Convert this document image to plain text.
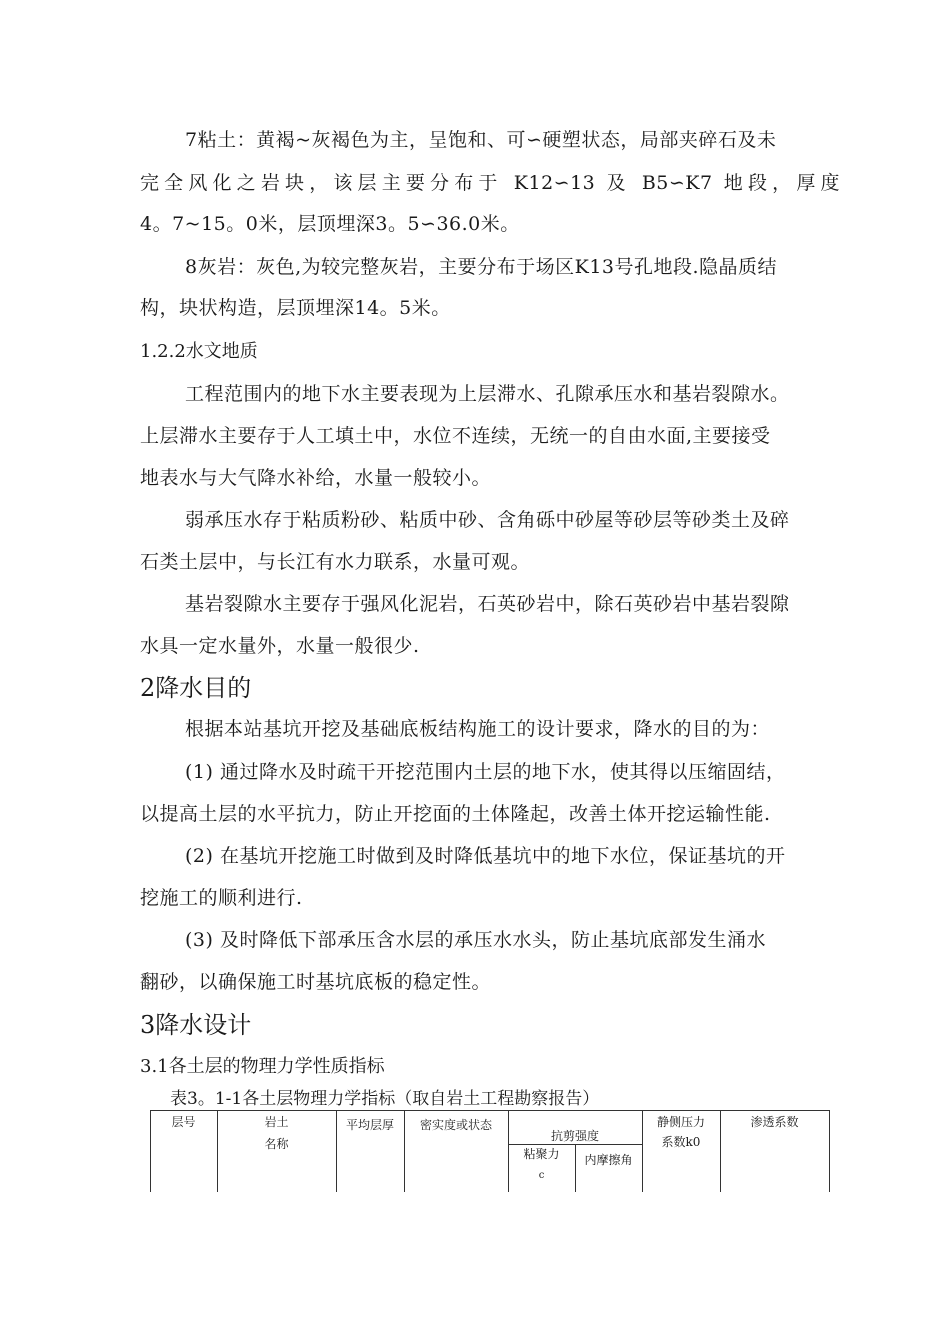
7粘土：黄褐~灰褐色为主，呈饱和、可∽硬塑状态，局部夹碎石及未
完全风化之岩块，该层主要分布于 K12∽13 及 B5∽K7 地段，厚度
4。7~15。0米，层顶埋深3。5∽36.0米。
8灰岩：灰色,为较完整灰岩，主要分布于场区K13号孔地段.隐晶质结
构，块状构造，层顶埋深14。5米。
1.2.2水文地质
工程范围内的地下水主要表现为上层滞水、孔隙承压水和基岩裂隙水。
上层滞水主要存于人工填土中，水位不连续，无统一的自由水面,主要接受
地表水与大气降水补给，水量一般较小。
弱承压水存于粘质粉砂、粘质中砂、含角砾中砂屋等砂层等砂类土及碎
石类土层中，与长江有水力联系，水量可观。
基岩裂隙水主要存于强风化泥岩，石英砂岩中，除石英砂岩中基岩裂隙
水具一定水量外，水量一般很少.
2降水目的
根据本站基坑开挖及基础底板结构施工的设计要求，降水的目的为：
(1) 通过降水及时疏干开挖范围内土层的地下水，使其得以压缩固结，
以提高土层的水平抗力，防止开挖面的土体隆起，改善土体开挖运输性能.
(2) 在基坑开挖施工时做到及时降低基坑中的地下水位，保证基坑的开
挖施工的顺利进行.
(3) 及时降低下部承压含水层的承压水水头，防止基坑底部发生涌水
翻砂，以确保施工时基坑底板的稳定性。
3降水设计
3.1各土层的物理力学性质指标
表3。1-1各土层物理力学指标（取自岩土工程勘察报告）
层号	岩土
名称
平均层厚	密实度或状态
抗剪强度
粘聚力
c
内摩擦角
静侧压力
系数k0
渗透系数
